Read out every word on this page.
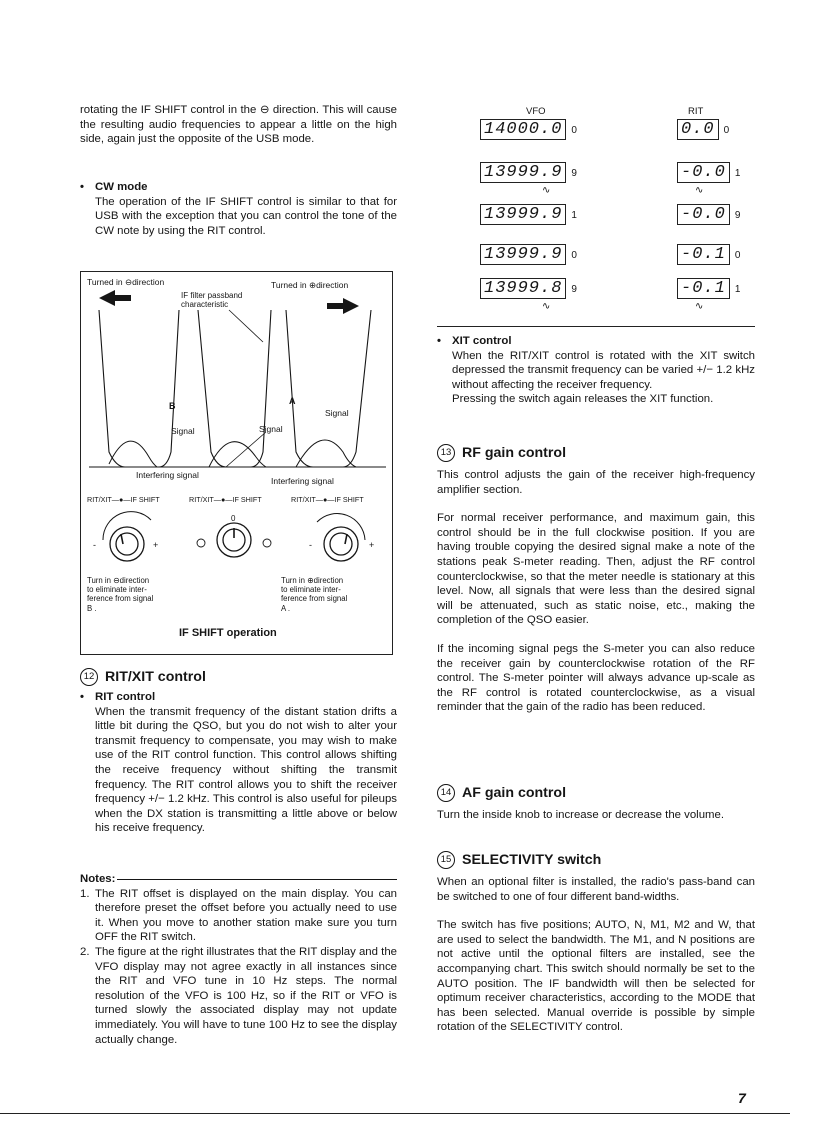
rotating the IF SHIFT control in the ⊖ direction. This will cause the resulting audio frequencies to appear a little on the high side, again just the opposite of the USB mode.

• CW mode

The operation of the IF SHIFT control is similar to that for USB with the exception that you can control the tone of the CW note by using the RIT control.

Turned in ⊖direction	Turned in ⊕direction
IF filter passband
characteristic
Β	Α
Signal	Signal
Signal
Interfering signal
Interfering signal
RIT/XIT—●—IF SHIFT	RIT/XIT—●—IF SHIFT	RIT/XIT—●—IF SHIFT
-	+
0
-	+
Turn in ⊖direction
to eliminate inter-
ference from signal
B .
Turn in ⊕direction
to eliminate inter-
ference from signal
A .
IF SHIFT operation
12 RIT/XIT control

• RIT control

When the transmit frequency of the distant station drifts a little bit during the QSO, but you do not wish to alter your transmit frequency to compensate, you may wish to make use of the RIT control function. This control allows shifting the receive frequency without shifting the transmit frequency. The RIT control allows you to shift the receiver frequency +/− 1.2 kHz. This control is also useful for pileups when the DX station is transmitting a little above or below his receive frequency.

Notes:
1. The RIT offset is displayed on the main display. You can therefore preset the offset before you actually need to use it. When you move to another station make sure you turn OFF the RIT switch.
2. The figure at the right illustrates that the RIT display and the VFO display may not agree exactly in all instances since the RIT and VFO tune in 10 Hz steps. The normal resolution of the VFO is 100 Hz, so if the RIT or VFO is turned slowly the associated display may not update immediately. You will have to tune 100 Hz to see the display actually change.
VFO	RIT
14000.0 0	0.0 0
13999.9 9	-0.0 1
∿	∿
13999.9 1	-0.0 9
13999.9 0	-0.1 0
13999.8 9	-0.1 1
∿	∿

• XIT control

When the RIT/XIT control is rotated with the XIT switch depressed the transmit frequency can be varied +/− 1.2 kHz without affecting the receiver frequency.

Pressing the switch again releases the XIT function.

13 RF gain control

This control adjusts the gain of the receiver high-frequency amplifier section.

For normal receiver performance, and maximum gain, this control should be in the full clockwise position. If you are having trouble copying the desired signal make a note of the stations peak S-meter reading. Then, adjust the RF control counterclockwise, so that the meter needle is stationary at this level. Now, all signals that were less than the desired signal will be attenuated, such as static noise, etc., making the completion of the QSO easier.

If the incoming signal pegs the S-meter you can also reduce the receiver gain by counterclockwise rotation of the RF control. The S-meter pointer will always advance up-scale as the RF control is rotated counterclockwise, as a visual reminder that the gain of the radio has been reduced.

14 AF gain control

Turn the inside knob to increase or decrease the volume.

15 SELECTIVITY switch

When an optional filter is installed, the radio's pass-band can be switched to one of four different band-widths.

The switch has five positions; AUTO, N, M1, M2 and W, that are used to select the bandwidth. The M1, and N positions are not active until the optional filters are installed, see the accompanying chart. This switch should normally be set to the AUTO position. The IF bandwidth will then be selected for optimum receiver characteristics, according to the MODE that has been selected. Manual override is possible by simple rotation of the SELECTIVITY control.

7
